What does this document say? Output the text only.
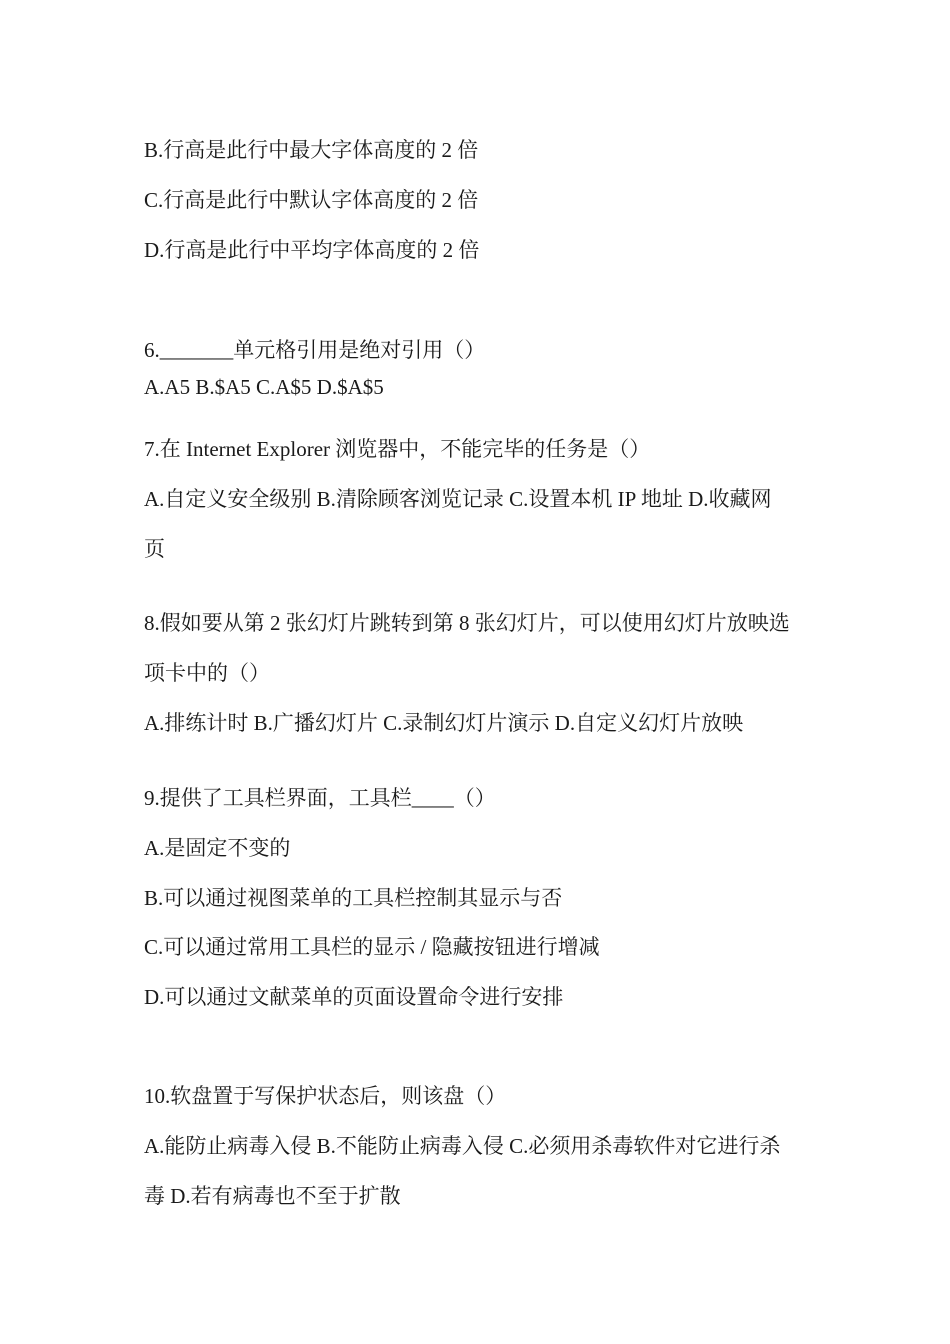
B.行高是此行中最大字体高度的 2 倍
C.行高是此行中默认字体高度的 2 倍
D.行高是此行中平均字体高度的 2 倍
6._______单元格引用是绝对引用（）
A.A5 B.$A5 C.A$5 D.$A$5
7.在 Internet Explorer 浏览器中，不能完毕的任务是（）
A.自定义安全级别 B.清除顾客浏览记录 C.设置本机 IP 地址 D.收藏网
页
8.假如要从第 2 张幻灯片跳转到第 8 张幻灯片，可以使用幻灯片放映选
项卡中的（）
A.排练计时 B.广播幻灯片 C.录制幻灯片演示 D.自定义幻灯片放映
9.提供了工具栏界面，工具栏____（）
A.是固定不变的
B.可以通过视图菜单的工具栏控制其显示与否
C.可以通过常用工具栏的显示 / 隐藏按钮进行增减
D.可以通过文献菜单的页面设置命令进行安排
10.软盘置于写保护状态后，则该盘（）
A.能防止病毒入侵 B.不能防止病毒入侵 C.必须用杀毒软件对它进行杀
毒 D.若有病毒也不至于扩散
